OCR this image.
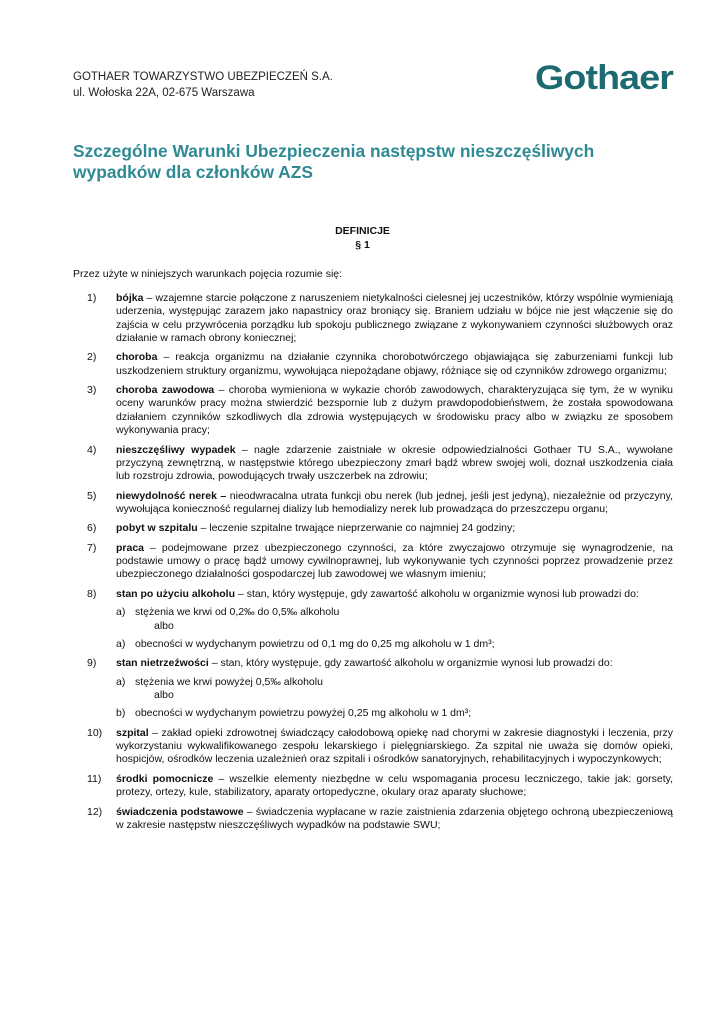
GOTHAER TOWARZYSTWO UBEZPIECZEŃ S.A.
ul. Wołoska 22A, 02-675 Warszawa	Gothaer
Szczególne Warunki Ubezpieczenia następstw nieszczęśliwych
wypadków dla członków AZS
DEFINICJE
§ 1
Przez użyte w niniejszych warunkach pojęcia rozumie się:
1) bójka – wzajemne starcie połączone z naruszeniem nietykalności cielesnej jej uczestników, którzy wspólnie wymieniają uderzenia, występując zarazem jako napastnicy oraz broniący się. Braniem udziału w bójce nie jest włączenie się do zajścia w celu przywrócenia porządku lub spokoju publicznego związane z wykonywaniem czynności służbowych oraz działanie w ramach obrony koniecznej;
2) choroba – reakcja organizmu na działanie czynnika chorobotwórczego objawiająca się zaburzeniami funkcji lub uszkodzeniem struktury organizmu, wywołująca niepożądane objawy, różniące się od czynników zdrowego organizmu;
3) choroba zawodowa – choroba wymieniona w wykazie chorób zawodowych, charakteryzująca się tym, że w wyniku oceny warunków pracy można stwierdzić bezspornie lub z dużym prawdopodobieństwem, że została spowodowana działaniem czynników szkodliwych dla zdrowia występujących w środowisku pracy albo w związku ze sposobem wykonywania pracy;
4) nieszczęśliwy wypadek – nagłe zdarzenie zaistniałe w okresie odpowiedzialności Gothaer TU S.A., wywołane przyczyną zewnętrzną, w następstwie którego ubezpieczony zmarł bądź wbrew swojej woli, doznał uszkodzenia ciała lub rozstroju zdrowia, powodujących trwały uszczerbek na zdrowiu;
5) niewydolność nerek – nieodwracalna utrata funkcji obu nerek (lub jednej, jeśli jest jedyną), niezależnie od przyczyny, wywołująca konieczność regularnej dializy lub hemodializy nerek lub prowadząca do przeszczepu organu;
6) pobyt w szpitalu – leczenie szpitalne trwające nieprzerwanie co najmniej 24 godziny;
7) praca – podejmowane przez ubezpieczonego czynności, za które zwyczajowo otrzymuje się wynagrodzenie, na podstawie umowy o pracę bądź umowy cywilnoprawnej, lub wykonywanie tych czynności poprzez prowadzenie przez ubezpieczonego działalności gospodarczej lub zawodowej we własnym imieniu;
8) stan po użyciu alkoholu – stan, który występuje, gdy zawartość alkoholu w organizmie wynosi lub prowadzi do:
a) stężenia we krwi od 0,2‰ do 0,5‰ alkoholu
albo
a) obecności w wydychanym powietrzu od 0,1 mg do 0,25 mg alkoholu w 1 dm³;
9) stan nietrzeźwości – stan, który występuje, gdy zawartość alkoholu w organizmie wynosi lub prowadzi do:
a) stężenia we krwi powyżej 0,5‰ alkoholu
albo
b) obecności w wydychanym powietrzu powyżej 0,25 mg alkoholu w 1 dm³;
10) szpital – zakład opieki zdrowotnej świadczący całodobową opiekę nad chorymi w zakresie diagnostyki i leczenia, przy wykorzystaniu wykwalifikowanego zespołu lekarskiego i pielęgniarskiego. Za szpital nie uważa się domów opieki, hospicjów, ośrodków leczenia uzależnień oraz szpitali i ośrodków sanatoryjnych, rehabilitacyjnych i wypoczynkowych;
11) środki pomocnicze – wszelkie elementy niezbędne w celu wspomagania procesu leczniczego, takie jak: gorsety, protezy, ortezy, kule, stabilizatory, aparaty ortopedyczne, okulary oraz aparaty słuchowe;
12) świadczenia podstawowe – świadczenia wypłacane w razie zaistnienia zdarzenia objętego ochroną ubezpieczeniową w zakresie następstw nieszczęśliwych wypadków na podstawie SWU;
